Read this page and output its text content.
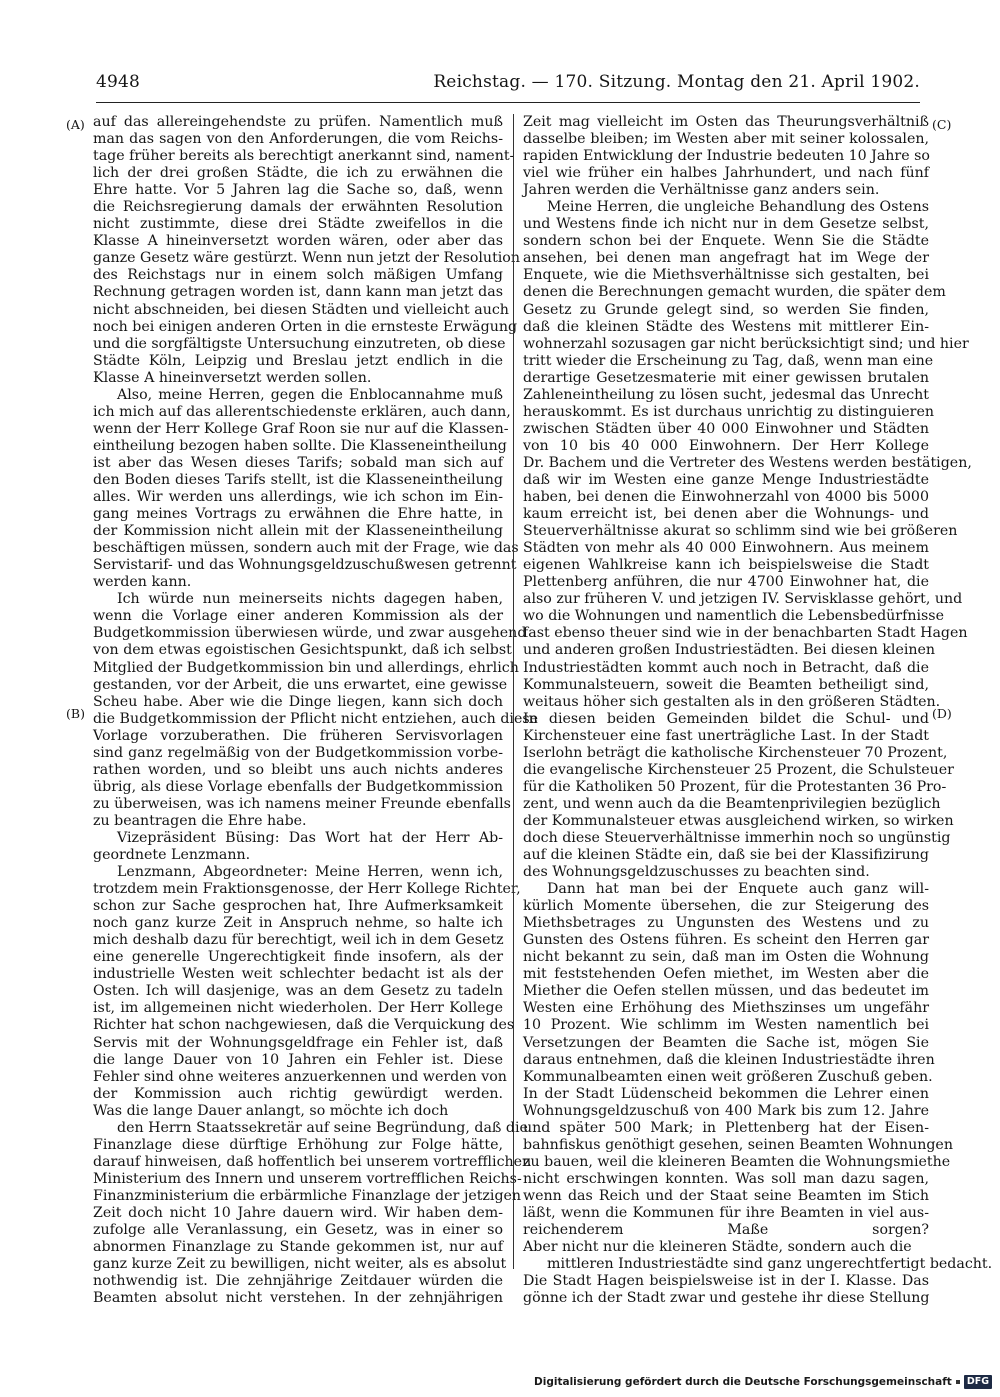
4948	Reichstag. — 170. Sitzung. Montag den 21. April 1902.
(A)
(B)
(C)
(D)
auf das allereingehendste zu prüfen. Namentlich muß
man das sagen von den Anforderungen, die vom Reichs-
tage früher bereits als berechtigt anerkannt sind, nament-
lich der drei großen Städte, die ich zu erwähnen die
Ehre hatte. Vor 5 Jahren lag die Sache so, daß, wenn
die Reichsregierung damals der erwähnten Resolution
nicht zustimmte, diese drei Städte zweifellos in die
Klasse A hineinversetzt worden wären, oder aber das
ganze Gesetz wäre gestürzt. Wenn nun jetzt der Resolution
des Reichstags nur in einem solch mäßigen Umfang
Rechnung getragen worden ist, dann kann man jetzt das
nicht abschneiden, bei diesen Städten und vielleicht auch
noch bei einigen anderen Orten in die ernsteste Erwägung
und die sorgfältigste Untersuchung einzutreten, ob diese
Städte Köln, Leipzig und Breslau jetzt endlich in die
Klasse A hineinversetzt werden sollen.
Also, meine Herren, gegen die Enblocannahme muß
ich mich auf das allerentschiedenste erklären, auch dann,
wenn der Herr Kollege Graf Roon sie nur auf die Klassen-
eintheilung bezogen haben sollte. Die Klasseneintheilung
ist aber das Wesen dieses Tarifs; sobald man sich auf
den Boden dieses Tarifs stellt, ist die Klasseneintheilung
alles. Wir werden uns allerdings, wie ich schon im Ein-
gang meines Vortrags zu erwähnen die Ehre hatte, in
der Kommission nicht allein mit der Klasseneintheilung
beschäftigen müssen, sondern auch mit der Frage, wie das
Servistarif- und das Wohnungsgeldzuschußwesen getrennt
werden kann.
Ich würde nun meinerseits nichts dagegen haben,
wenn die Vorlage einer anderen Kommission als der
Budgetkommission überwiesen würde, und zwar ausgehend
von dem etwas egoistischen Gesichtspunkt, daß ich selbst
Mitglied der Budgetkommission bin und allerdings, ehrlich
gestanden, vor der Arbeit, die uns erwartet, eine gewisse
Scheu habe. Aber wie die Dinge liegen, kann sich doch
die Budgetkommission der Pflicht nicht entziehen, auch diese
Vorlage vorzuberathen. Die früheren Servisvorlagen
sind ganz regelmäßig von der Budgetkommission vorbe-
rathen worden, und so bleibt uns auch nichts anderes
übrig, als diese Vorlage ebenfalls der Budgetkommission
zu überweisen, was ich namens meiner Freunde ebenfalls
zu beantragen die Ehre habe.
Vizepräsident Büsing: Das Wort hat der Herr Ab-
geordnete Lenzmann.
Lenzmann, Abgeordneter: Meine Herren, wenn ich,
trotzdem mein Fraktionsgenosse, der Herr Kollege Richter,
schon zur Sache gesprochen hat, Ihre Aufmerksamkeit
noch ganz kurze Zeit in Anspruch nehme, so halte ich
mich deshalb dazu für berechtigt, weil ich in dem Gesetz
eine generelle Ungerechtigkeit finde insofern, als der
industrielle Westen weit schlechter bedacht ist als der
Osten. Ich will dasjenige, was an dem Gesetz zu tadeln
ist, im allgemeinen nicht wiederholen. Der Herr Kollege
Richter hat schon nachgewiesen, daß die Verquickung des
Servis mit der Wohnungsgeldfrage ein Fehler ist, daß
die lange Dauer von 10 Jahren ein Fehler ist. Diese
Fehler sind ohne weiteres anzuerkennen und werden von
der Kommission auch richtig gewürdigt werden.
Was die lange Dauer anlangt, so möchte ich doch
den Herrn Staatssekretär auf seine Begründung, daß die
Finanzlage diese dürftige Erhöhung zur Folge hätte,
darauf hinweisen, daß hoffentlich bei unserem vortrefflichen
Ministerium des Innern und unserem vortrefflichen Reichs-
Finanzministerium die erbärmliche Finanzlage der jetzigen
Zeit doch nicht 10 Jahre dauern wird. Wir haben dem-
zufolge alle Veranlassung, ein Gesetz, was in einer so
abnormen Finanzlage zu Stande gekommen ist, nur auf
ganz kurze Zeit zu bewilligen, nicht weiter, als es absolut
nothwendig ist. Die zehnjährige Zeitdauer würden die
Beamten absolut nicht verstehen. In der zehnjährigen
Zeit mag vielleicht im Osten das Theurungsverhältniß
dasselbe bleiben; im Westen aber mit seiner kolossalen,
rapiden Entwicklung der Industrie bedeuten 10 Jahre so
viel wie früher ein halbes Jahrhundert, und nach fünf
Jahren werden die Verhältnisse ganz anders sein.
Meine Herren, die ungleiche Behandlung des Ostens
und Westens finde ich nicht nur in dem Gesetze selbst,
sondern schon bei der Enquete. Wenn Sie die Städte
ansehen, bei denen man angefragt hat im Wege der
Enquete, wie die Miethsverhältnisse sich gestalten, bei
denen die Berechnungen gemacht wurden, die später dem
Gesetz zu Grunde gelegt sind, so werden Sie finden,
daß die kleinen Städte des Westens mit mittlerer Ein-
wohnerzahl sozusagen gar nicht berücksichtigt sind; und hier
tritt wieder die Erscheinung zu Tag, daß, wenn man eine
derartige Gesetzesmaterie mit einer gewissen brutalen
Zahleneintheilung zu lösen sucht, jedesmal das Unrecht
herauskommt. Es ist durchaus unrichtig zu distinguieren
zwischen Städten über 40 000 Einwohner und Städten
von 10 bis 40 000 Einwohnern. Der Herr Kollege
Dr. Bachem und die Vertreter des Westens werden bestätigen,
daß wir im Westen eine ganze Menge Industriestädte
haben, bei denen die Einwohnerzahl von 4000 bis 5000
kaum erreicht ist, bei denen aber die Wohnungs- und
Steuerverhältnisse akurat so schlimm sind wie bei größeren
Städten von mehr als 40 000 Einwohnern. Aus meinem
eigenen Wahlkreise kann ich beispielsweise die Stadt
Plettenberg anführen, die nur 4700 Einwohner hat, die
also zur früheren V. und jetzigen IV. Servisklasse gehört, und
wo die Wohnungen und namentlich die Lebensbedürfnisse
fast ebenso theuer sind wie in der benachbarten Stadt Hagen
und anderen großen Industriestädten. Bei diesen kleinen
Industriestädten kommt auch noch in Betracht, daß die
Kommunalsteuern, soweit die Beamten betheiligt sind,
weitaus höher sich gestalten als in den größeren Städten.
In diesen beiden Gemeinden bildet die Schul- und
Kirchensteuer eine fast unerträgliche Last. In der Stadt
Iserlohn beträgt die katholische Kirchensteuer 70 Prozent,
die evangelische Kirchensteuer 25 Prozent, die Schulsteuer
für die Katholiken 50 Prozent, für die Protestanten 36 Pro-
zent, und wenn auch da die Beamtenprivilegien bezüglich
der Kommunalsteuer etwas ausgleichend wirken, so wirken
doch diese Steuerverhältnisse immerhin noch so ungünstig
auf die kleinen Städte ein, daß sie bei der Klassifizirung
des Wohnungsgeldzuschusses zu beachten sind.
Dann hat man bei der Enquete auch ganz will-
kürlich Momente übersehen, die zur Steigerung des
Miethsbetrages zu Ungunsten des Westens und zu
Gunsten des Ostens führen. Es scheint den Herren gar
nicht bekannt zu sein, daß man im Osten die Wohnung
mit feststehenden Oefen miethet, im Westen aber die
Miether die Oefen stellen müssen, und das bedeutet im
Westen eine Erhöhung des Miethszinses um ungefähr
10 Prozent. Wie schlimm im Westen namentlich bei
Versetzungen der Beamten die Sache ist, mögen Sie
daraus entnehmen, daß die kleinen Industriestädte ihren
Kommunalbeamten einen weit größeren Zuschuß geben.
In der Stadt Lüdenscheid bekommen die Lehrer einen
Wohnungsgeldzuschuß von 400 Mark bis zum 12. Jahre
und später 500 Mark; in Plettenberg hat der Eisen-
bahnfiskus genöthigt gesehen, seinen Beamten Wohnungen
zu bauen, weil die kleineren Beamten die Wohnungsmiethe
nicht erschwingen konnten. Was soll man dazu sagen,
wenn das Reich und der Staat seine Beamten im Stich
läßt, wenn die Kommunen für ihre Beamten in viel aus-
reichenderem Maße sorgen?
Aber nicht nur die kleineren Städte, sondern auch die
mittleren Industriestädte sind ganz ungerechtfertigt bedacht.
Die Stadt Hagen beispielsweise ist in der I. Klasse. Das
gönne ich der Stadt zwar und gestehe ihr diese Stellung
Digitalisierung gefördert durch die Deutsche Forschungsgemeinschaft	DFG
